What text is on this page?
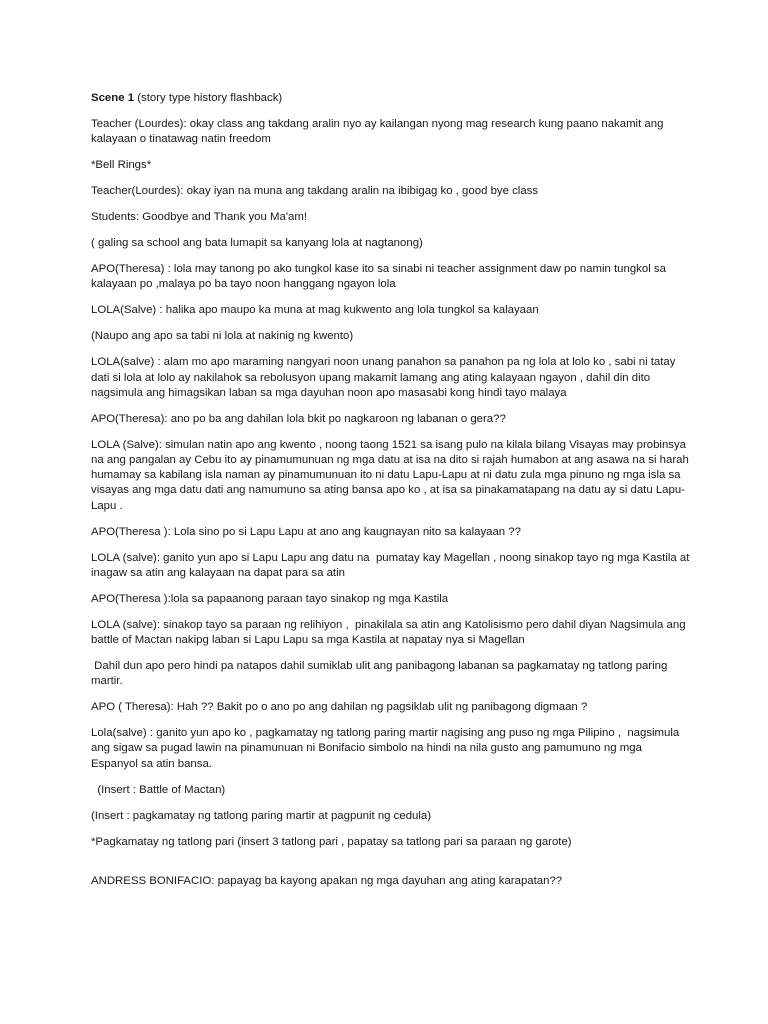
Scene 1 (story type history flashback)

Teacher (Lourdes): okay class ang takdang aralin nyo ay kailangan nyong mag research kung paano nakamit ang kalayaan o tinatawag natin freedom

*Bell Rings*

Teacher(Lourdes): okay iyan na muna ang takdang aralin na ibibigag ko , good bye class

Students: Goodbye and Thank you Ma'am!

( galing sa school ang bata lumapit sa kanyang lola at nagtanong)

APO(Theresa) : lola may tanong po ako tungkol kase ito sa sinabi ni teacher assignment daw po namin tungkol sa kalayaan po ,malaya po ba tayo noon hanggang ngayon lola

LOLA(Salve) : halika apo maupo ka muna at mag kukwento ang lola tungkol sa kalayaan

(Naupo ang apo sa tabi ni lola at nakinig ng kwento)

LOLA(salve) : alam mo apo maraming nangyari noon unang panahon sa panahon pa ng lola at lolo ko , sabi ni tatay dati si lola at lolo ay nakilahok sa rebolusyon upang makamit lamang ang ating kalayaan ngayon , dahil din dito nagsimula ang himagsikan laban sa mga dayuhan noon apo masasabi kong hindi tayo malaya

APO(Theresa): ano po ba ang dahilan lola bkit po nagkaroon ng labanan o gera??

LOLA (Salve): simulan natin apo ang kwento , noong taong 1521 sa isang pulo na kilala bilang Visayas may probinsya na ang pangalan ay Cebu ito ay pinamumunuan ng mga datu at isa na dito si rajah humabon at ang asawa na si harah humamay sa kabilang isla naman ay pinamumunuan ito ni datu Lapu-Lapu at ni datu zula mga pinuno ng mga isla sa visayas ang mga datu dati ang namumuno sa ating bansa apo ko , at isa sa pinakamatapang na datu ay si datu Lapu-Lapu .

APO(Theresa ): Lola sino po si Lapu Lapu at ano ang kaugnayan nito sa kalayaan ??

LOLA (salve): ganito yun apo si Lapu Lapu ang datu na  pumatay kay Magellan , noong sinakop tayo ng mga Kastila at inagaw sa atin ang kalayaan na dapat para sa atin

APO(Theresa ):lola sa papaanong paraan tayo sinakop ng mga Kastila

LOLA (salve): sinakop tayo sa paraan ng relihiyon ,  pinakilala sa atin ang Katolisismo pero dahil diyan Nagsimula ang battle of Mactan nakipg laban si Lapu Lapu sa mga Kastila at napatay nya si Magellan

Dahil dun apo pero hindi pa natapos dahil sumiklab ulit ang panibagong labanan sa pagkamatay ng tatlong paring martir.

APO ( Theresa): Hah ?? Bakit po o ano po ang dahilan ng pagsiklab ulit ng panibagong digmaan ?

Lola(salve) : ganito yun apo ko , pagkamatay ng tatlong paring martir nagising ang puso ng mga Pilipino ,  nagsimula ang sigaw sa pugad lawin na pinamunuan ni Bonifacio simbolo na hindi na nila gusto ang pamumuno ng mga Espanyol sa atin bansa.

(Insert : Battle of Mactan)

(Insert : pagkamatay ng tatlong paring martir at pagpunit ng cedula)

*Pagkamatay ng tatlong pari (insert 3 tatlong pari , papatay sa tatlong pari sa paraan ng garote)

ANDRESS BONIFACIO: papayag ba kayong apakan ng mga dayuhan ang ating karapatan??
